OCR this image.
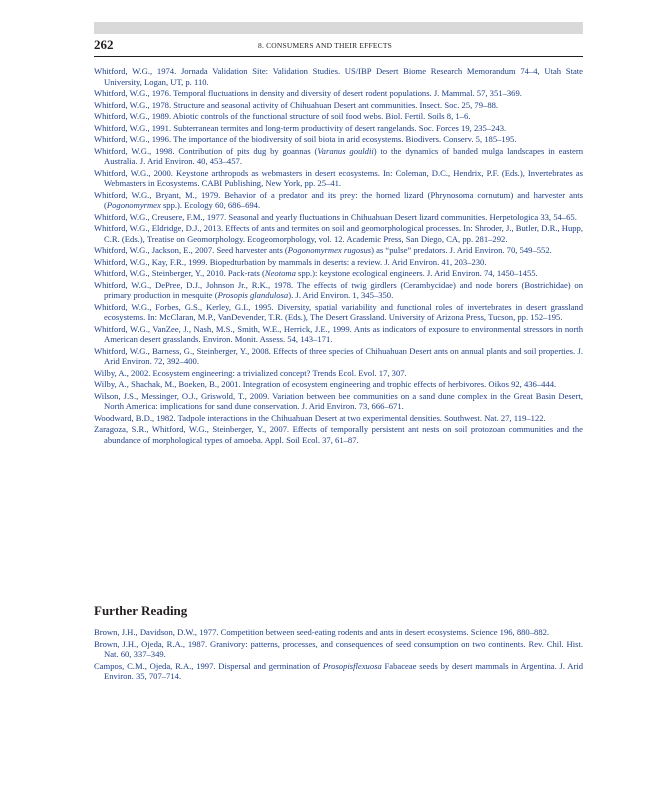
262	8. CONSUMERS AND THEIR EFFECTS
Whitford, W.G., 1974. Jornada Validation Site: Validation Studies. US/IBP Desert Biome Research Memorandum 74–4, Utah State University, Logan, UT, p. 110.
Whitford, W.G., 1976. Temporal fluctuations in density and diversity of desert rodent populations. J. Mammal. 57, 351–369.
Whitford, W.G., 1978. Structure and seasonal activity of Chihuahuan Desert ant communities. Insect. Soc. 25, 79–88.
Whitford, W.G., 1989. Abiotic controls of the functional structure of soil food webs. Biol. Fertil. Soils 8, 1–6.
Whitford, W.G., 1991. Subterranean termites and long-term productivity of desert rangelands. Soc. Forces 19, 235–243.
Whitford, W.G., 1996. The importance of the biodiversity of soil biota in arid ecosystems. Biodivers. Conserv. 5, 185–195.
Whitford, W.G., 1998. Contribution of pits dug by goannas (Varanus gouldii) to the dynamics of banded mulga landscapes in eastern Australia. J. Arid Environ. 40, 453–457.
Whitford, W.G., 2000. Keystone arthropods as webmasters in desert ecosystems. In: Coleman, D.C., Hendrix, P.F. (Eds.), Invertebrates as Webmasters in Ecosystems. CABI Publishing, New York, pp. 25–41.
Whitford, W.G., Bryant, M., 1979. Behavior of a predator and its prey: the horned lizard (Phrynosoma cornutum) and harvester ants (Pogonomyrmex spp.). Ecology 60, 686–694.
Whitford, W.G., Creusere, F.M., 1977. Seasonal and yearly fluctuations in Chihuahuan Desert lizard communities. Herpetologica 33, 54–65.
Whitford, W.G., Eldridge, D.J., 2013. Effects of ants and termites on soil and geomorphological processes. In: Shroder, J., Butler, D.R., Hupp, C.R. (Eds.), Treatise on Geomorphology. Ecogeomorphology, vol. 12. Academic Press, San Diego, CA, pp. 281–292.
Whitford, W.G., Jackson, E., 2007. Seed harvester ants (Pogonomyrmex rugosus) as “pulse” predators. J. Arid Environ. 70, 549–552.
Whitford, W.G., Kay, F.R., 1999. Biopedturbation by mammals in deserts: a review. J. Arid Environ. 41, 203–230.
Whitford, W.G., Steinberger, Y., 2010. Pack-rats (Neotoma spp.): keystone ecological engineers. J. Arid Environ. 74, 1450–1455.
Whitford, W.G., DePree, D.J., Johnson Jr., R.K., 1978. The effects of twig girdlers (Cerambycidae) and node borers (Bostrichidae) on primary production in mesquite (Prosopis glandulosa). J. Arid Environ. 1, 345–350.
Whitford, W.G., Forbes, G.S., Kerley, G.I., 1995. Diversity, spatial variability and functional roles of invertebrates in desert grassland ecosystems. In: McClaran, M.P., VanDevender, T.R. (Eds.), The Desert Grassland. University of Arizona Press, Tucson, pp. 152–195.
Whitford, W.G., VanZee, J., Nash, M.S., Smith, W.E., Herrick, J.E., 1999. Ants as indicators of exposure to environmental stressors in north American desert grasslands. Environ. Monit. Assess. 54, 143–171.
Whitford, W.G., Barness, G., Steinberger, Y., 2008. Effects of three species of Chihuahuan Desert ants on annual plants and soil properties. J. Arid Environ. 72, 392–400.
Wilby, A., 2002. Ecosystem engineering: a trivialized concept? Trends Ecol. Evol. 17, 307.
Wilby, A., Shachak, M., Boeken, B., 2001. Integration of ecosystem engineering and trophic effects of herbivores. Oikos 92, 436–444.
Wilson, J.S., Messinger, O.J., Griswold, T., 2009. Variation between bee communities on a sand dune complex in the Great Basin Desert, North America: implications for sand dune conservation. J. Arid Environ. 73, 666–671.
Woodward, B.D., 1982. Tadpole interactions in the Chihuahuan Desert at two experimental densities. Southwest. Nat. 27, 119–122.
Zaragoza, S.R., Whitford, W.G., Steinberger, Y., 2007. Effects of temporally persistent ant nests on soil protozoan communities and the abundance of morphological types of amoeba. Appl. Soil Ecol. 37, 61–87.
Further Reading
Brown, J.H., Davidson, D.W., 1977. Competition between seed-eating rodents and ants in desert ecosystems. Science 196, 880–882.
Brown, J.H., Ojeda, R.A., 1987. Granivory: patterns, processes, and consequences of seed consumption on two continents. Rev. Chil. Hist. Nat. 60, 337–349.
Campos, C.M., Ojeda, R.A., 1997. Dispersal and germination of Prosopisflexuosa Fabaceae seeds by desert mammals in Argentina. J. Arid Environ. 35, 707–714.
